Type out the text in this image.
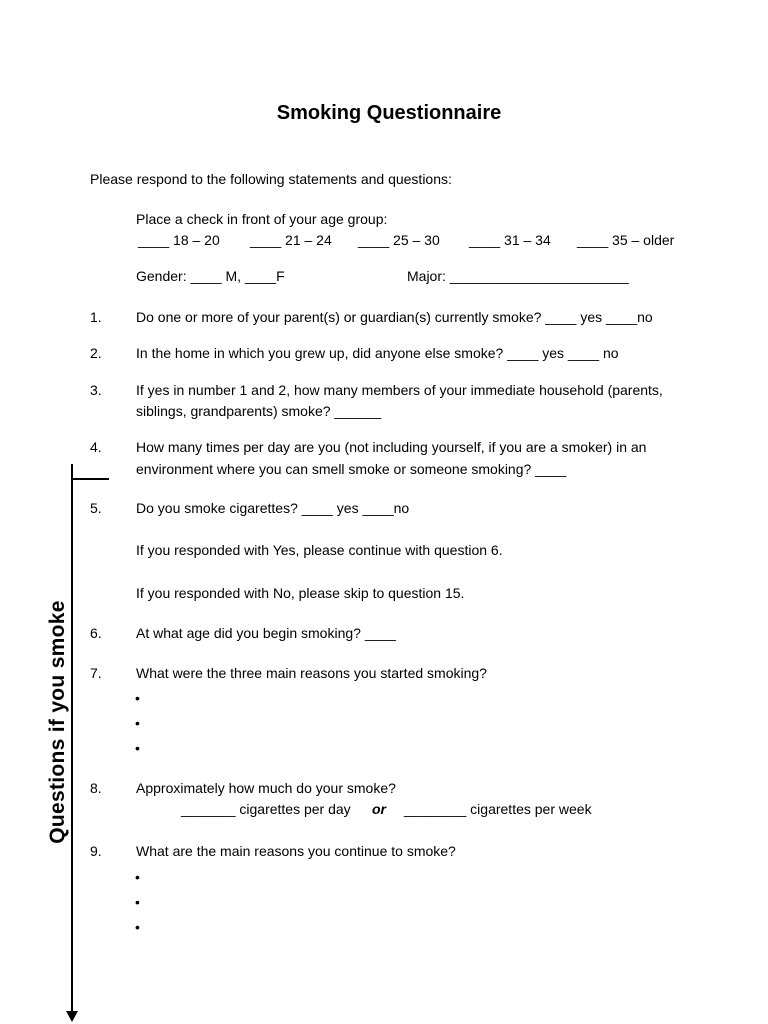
Smoking Questionnaire
Please respond to the following statements and questions:
Place a check in front of your age group:
____ 18 – 20 ____ 21 – 24 ____ 25 – 30 ____ 31 – 34 ____ 35 – older
Gender: ____ M, ____F	Major: _______________________
1. Do one or more of your parent(s) or guardian(s) currently smoke? ____ yes ____no
2. In the home in which you grew up, did anyone else smoke? ____ yes ____ no
3. If yes in number 1 and 2, how many members of your immediate household (parents,
siblings, grandparents) smoke? ______
4. How many times per day are you (not including yourself, if you are a smoker) in an
environment where you can smell smoke or someone smoking? ____
Questions if you smoke
5. Do you smoke cigarettes? ____ yes ____no
If you responded with Yes, please continue with question 6.
If you responded with No, please skip to question 15.
6. At what age did you begin smoking? ____
7. What were the three main reasons you started smoking?
•
•
•
8. Approximately how much do your smoke?
_______ cigarettes per day or ________ cigarettes per week
9. What are the main reasons you continue to smoke?
•
•
•
